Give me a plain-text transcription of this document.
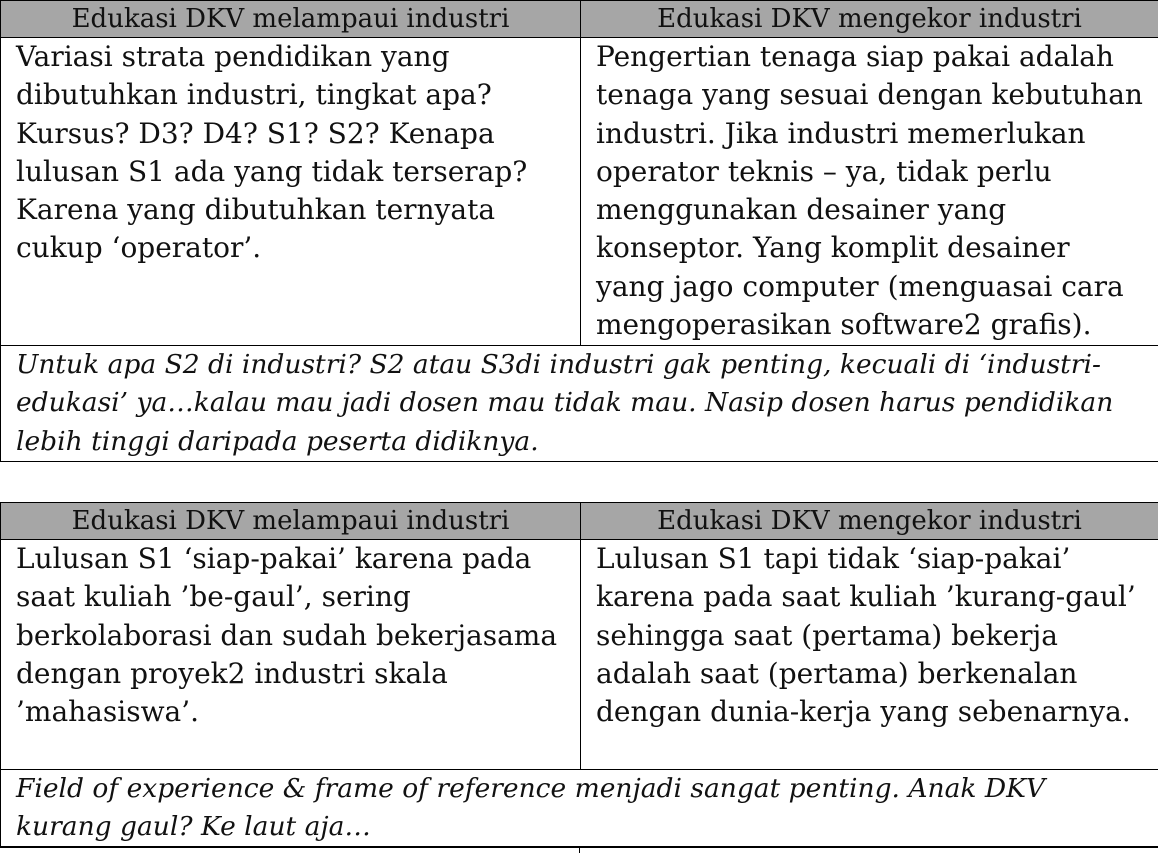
Edukasi DKV melampaui industri	Edukasi DKV mengekor industri
Variasi strata pendidikan yang dibutuhkan industri, tingkat apa? Kursus? D3? D4? S1? S2? Kenapa lulusan S1 ada yang tidak terserap? Karena yang dibutuhkan ternyata cukup ‘operator’.	Pengertian tenaga siap pakai adalah tenaga yang sesuai dengan kebutuhan industri. Jika industri memerlukan operator teknis – ya, tidak perlu menggunakan desainer yang konseptor. Yang komplit desainer yang jago computer (menguasai cara mengoperasikan software2 grafis).
Untuk apa S2 di industri? S2 atau S3di industri gak penting, kecuali di ‘industri-edukasi’ ya…kalau mau jadi dosen mau tidak mau. Nasip dosen harus pendidikan lebih tinggi daripada peserta didiknya.	
Edukasi DKV melampaui industri	Edukasi DKV mengekor industri
Lulusan S1 ‘siap-pakai’ karena pada saat kuliah ’be-gaul’, sering berkolaborasi dan sudah bekerjasama dengan proyek2 industri skala ’mahasiswa’.	Lulusan S1 tapi tidak ‘siap-pakai’ karena pada saat kuliah ’kurang-gaul’ sehingga saat (pertama) bekerja adalah saat (pertama) berkenalan dengan dunia-kerja yang sebenarnya.
Field of experience & frame of reference menjadi sangat penting. Anak DKV kurang gaul? Ke laut aja…	
